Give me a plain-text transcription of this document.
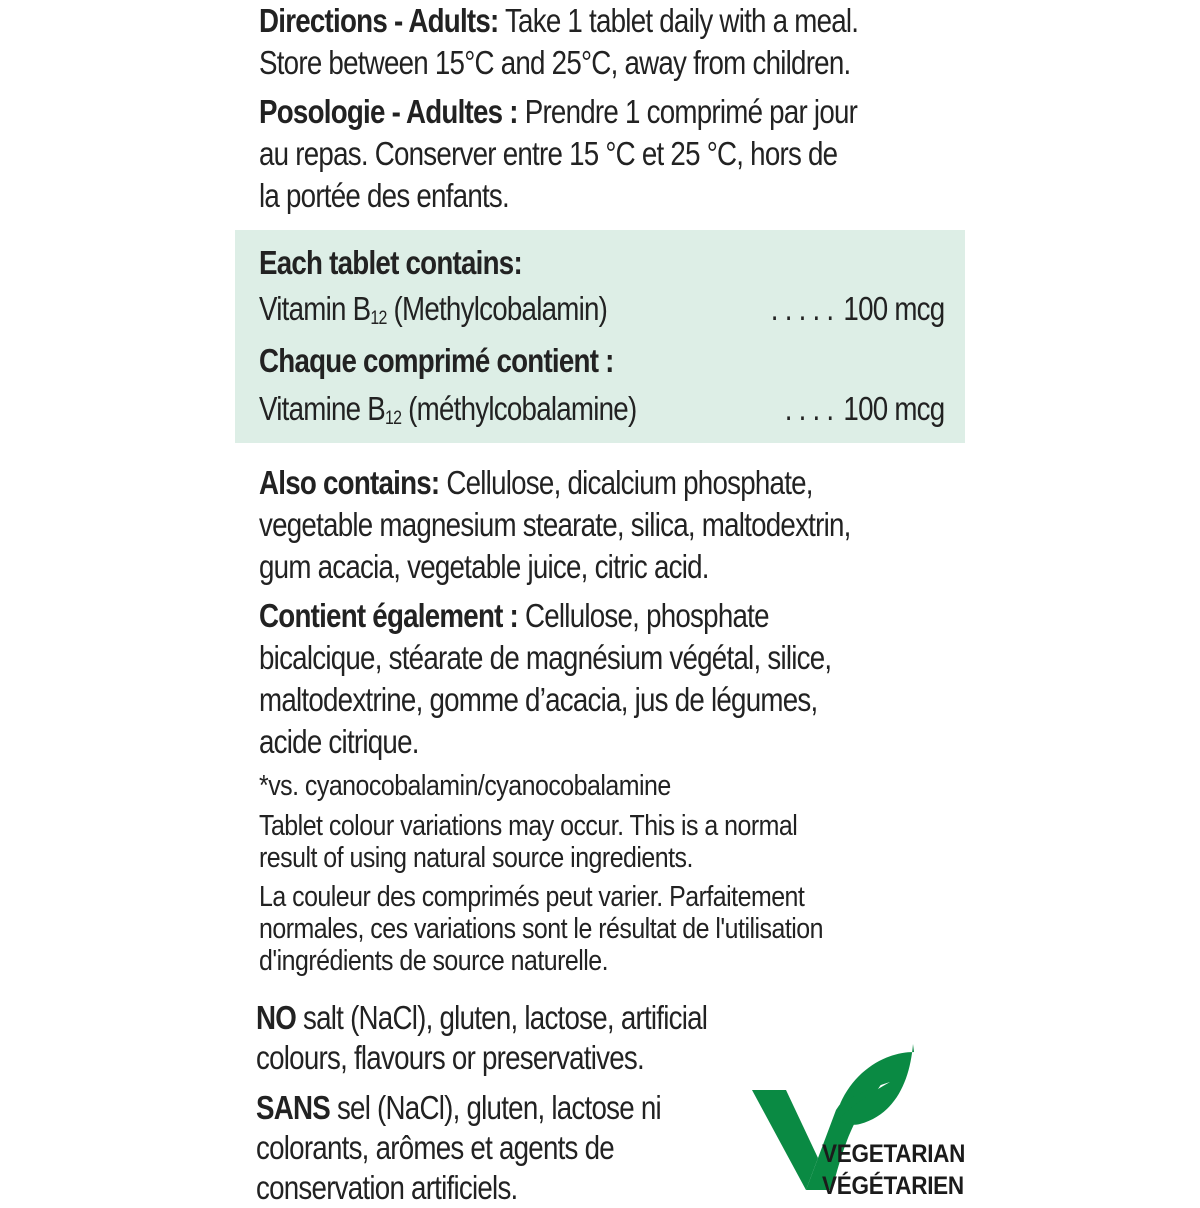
Directions - Adults: Take 1 tablet daily with a meal.
Store between 15°C and 25°C, away from children.
Posologie - Adultes : Prendre 1 comprimé par jour
au repas. Conserver entre 15 °C et 25 °C, hors de
la portée des enfants.
Each tablet contains:
Vitamin $B_{12}$ (Methylcobalamin)	. . . . . 100 mcg
Chaque comprimé contient :
Vitamine $B_{12}$ (méthylcobalamine)	. . . . 100 mcg
Also contains: Cellulose, dicalcium phosphate,
vegetable magnesium stearate, silica, maltodextrin,
gum acacia, vegetable juice, citric acid.
Contient également : Cellulose, phosphate
bicalcique, stéarate de magnésium végétal, silice,
maltodextrine, gomme d’acacia, jus de légumes,
acide citrique.
*vs. cyanocobalamin/cyanocobalamine
Tablet colour variations may occur. This is a normal
result of using natural source ingredients.
La couleur des comprimés peut varier. Parfaitement
normales, ces variations sont le résultat de l'utilisation
d'ingrédients de source naturelle.
NO salt (NaCl), gluten, lactose, artificial
colours, flavours or preservatives.
SANS sel (NaCl), gluten, lactose ni
colorants, arômes et agents de
conservation artificiels.
VEGETARIAN
VÉGÉTARIEN
